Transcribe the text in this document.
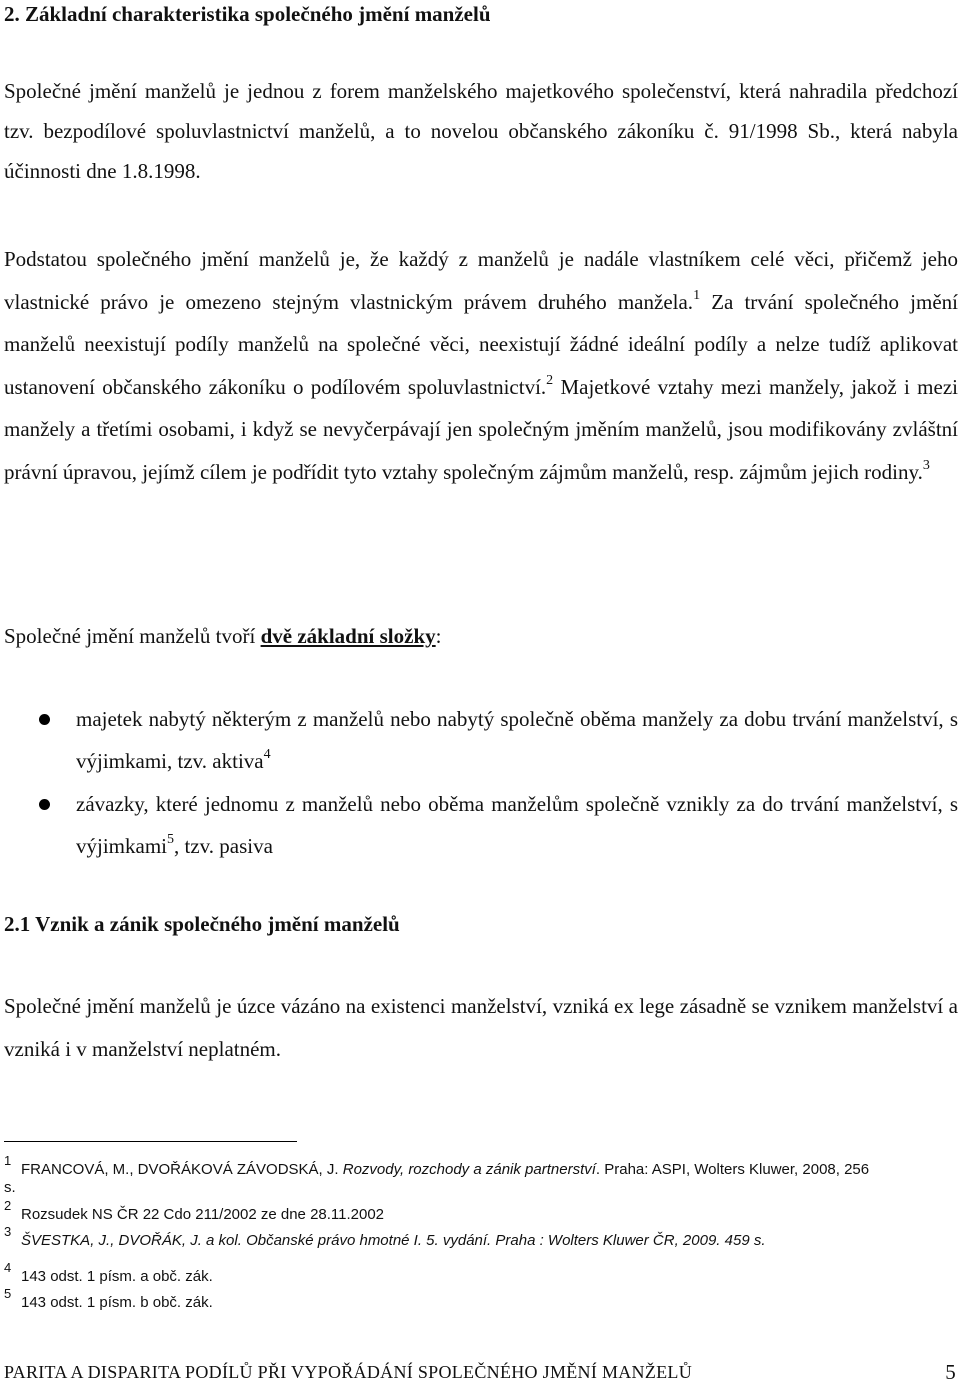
2. Základní charakteristika společného jmění manželů

Společné jmění manželů je jednou z forem manželského majetkového společenství, která nahradila předchozí tzv. bezpodílové spoluvlastnictví manželů, a to novelou občanského zákoníku č. 91/1998 Sb., která nabyla účinnosti dne 1.8.1998.

Podstatou společného jmění manželů je, že každý z manželů je nadále vlastníkem celé věci, přičemž jeho vlastnické právo je omezeno stejným vlastnickým právem druhého manžela.$^1$ Za trvání společného jmění manželů neexistují podíly manželů na společné věci, neexistují žádné ideální podíly a nelze tudíž aplikovat ustanovení občanského zákoníku o podílovém spoluvlastnictví.$^2$ Majetkové vztahy mezi manžely, jakož i mezi manžely a třetími osobami, i když se nevyčerpávají jen společným jměním manželů, jsou modifikovány zvláštní právní úpravou, jejímž cílem je podřídit tyto vztahy společným zájmům manželů, resp. zájmům jejich rodiny.$^3$

Společné jmění manželů tvoří dvě základní složky:

majetek nabytý některým z manželů nebo nabytý společně oběma manžely za dobu trvání manželství, s výjimkami, tzv. aktiva$^4$
závazky, které jednomu z manželů nebo oběma manželům společně vznikly za do trvání manželství, s výjimkami$^5$, tzv. pasiva
2.1 Vznik a zánik společného jmění manželů

Společné jmění manželů je úzce vázáno na existenci manželství, vzniká ex lege zásadně se vznikem manželství a vzniká i v manželství neplatném.

1
FRANCOVÁ, M., DVOŘÁKOVÁ ZÁVODSKÁ, J. Rozvody, rozchody a zánik partnerství. Praha: ASPI, Wolters Kluwer, 2008, 256
s.
2
Rozsudek NS ČR 22 Cdo 211/2002 ze dne 28.11.2002
3
ŠVESTKA, J., DVOŘÁK, J. a kol. Občanské právo hmotné I. 5. vydání. Praha : Wolters Kluwer ČR, 2009. 459 s.
4
143 odst. 1 písm. a obč. zák.
5
143 odst. 1 písm. b obč. zák.
PARITA A DISPARITA PODÍLŮ PŘI VYPOŘÁDÁNÍ SPOLEČNÉHO JMĚNÍ MANŽELŮ	5
